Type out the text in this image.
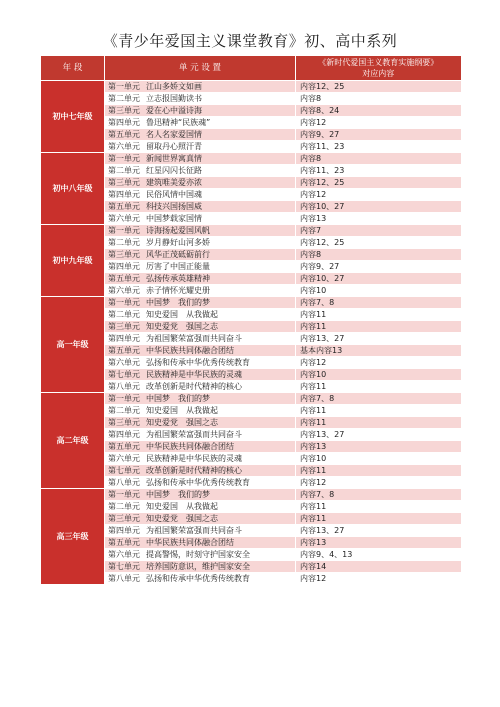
《青少年爱国主义课堂教育》初、高中系列
年 段	单 元 设 置	《新时代爱国主义教育实施纲要》
对应内容

初中七年级	第一单元 江山多娇文如画	内容12、25
	第二单元 立志报国勤读书	内容8
	第三单元 爱在心中溢诗海	内容8、24
	第四单元 鲁迅精神“民族魂”	内容12
	第五单元 名人名家爱国情	内容9、27
	第六单元 留取丹心照汗青	内容11、23
初中八年级	第一单元 新闻世界寓真情	内容8
	第二单元 红星闪闪长征路	内容11、23
	第三单元 建筑唯美爱亦浓	内容12、25
	第四单元 民俗风情中国魂	内容12
	第五单元 科技兴国扬国威	内容10、27
	第六单元 中国梦载家国情	内容13
初中九年级	第一单元 诗海扬起爱国风帆	内容7
	第二单元 岁月静好山河多娇	内容12、25
	第三单元 风华正茂砥砺前行	内容8
	第四单元 厉害了中国正能量	内容9、27
	第五单元 弘扬传承英雄精神	内容10、27
	第六单元 赤子情怀光耀史册	内容10
高一年级	第一单元 中国梦　我们的梦	内容7、8
	第二单元 知史爱国　从我做起	内容11
	第三单元 知史爱党　强国之志	内容11
	第四单元 为祖国繁荣富强而共同奋斗	内容13、27
	第五单元 中华民族共同体融合团结	基本内容13
	第六单元 弘扬和传承中华优秀传统教育	内容12
	第七单元 民族精神是中华民族的灵魂	内容10
	第八单元 改革创新是时代精神的核心	内容11
高二年级	第一单元 中国梦　我们的梦	内容7、8
	第二单元 知史爱国　从我做起	内容11
	第三单元 知史爱党　强国之志	内容11
	第四单元 为祖国繁荣富强而共同奋斗	内容13、27
	第五单元 中华民族共同体融合团结	内容13
	第六单元 民族精神是中华民族的灵魂	内容10
	第七单元 改革创新是时代精神的核心	内容11
	第八单元 弘扬和传承中华优秀传统教育	内容12
高三年级	第一单元 中国梦　我们的梦	内容7、8
	第二单元 知史爱国　从我做起	内容11
	第三单元 知史爱党　强国之志	内容11
	第四单元 为祖国繁荣富强而共同奋斗	内容13、27
	第五单元 中华民族共同体融合团结	内容13
	第六单元 提高警惕，时刻守护国家安全	内容9、4、13
	第七单元 培养国防意识，维护国家安全	内容14
	第八单元 弘扬和传承中华优秀传统教育	内容12
